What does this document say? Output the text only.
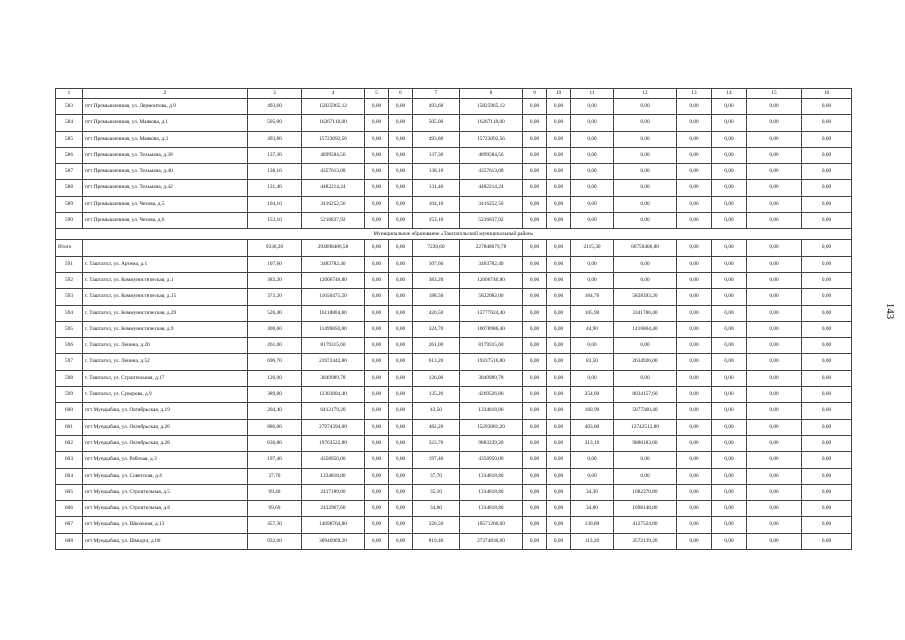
143
1	2	3	4	5	6	7	8	9	10	11	12	13	14	15	16
583	пгт Промышленная, ул. Лермонтова, д.9	493,60	15825965,12	0,00	0,00	493,60	15825965,12	0,00	0,00	0,00	0,00	0,00	0,00	0,00	0,00
584	пгт Промышленная, ул. Маякова, д.1	505,00	16267118,00	0,00	0,00	505,00	16267118,00	0,00	0,00	0,00	0,00	0,00	0,00	0,00	0,00
585	пгт Промышленная, ул. Маякова, д.3	493,80	15723092,56	0,00	0,00	493,80	15723092,56	0,00	0,00	0,00	0,00	0,00	0,00	0,00	0,00
586	пгт Промышленная, ул. Тельмана, д.38	137,30	4899584,56	0,00	0,00	137,30	4899584,56	0,00	0,00	0,00	0,00	0,00	0,00	0,00	0,00
587	пгт Промышленная, ул. Тельмана, д.40	138,10	4357613,08	0,00	0,00	138,10	4357613,08	0,00	0,00	0,00	0,00	0,00	0,00	0,00	0,00
588	пгт Промышленная, ул. Тельмана, д.42	131,40	4482214,24	0,00	0,00	131,40	4482214,24	0,00	0,00	0,00	0,00	0,00	0,00	0,00	0,00
589	пгт Промышленная, ул. Чехова, д.5	104,10	3416252,56	0,00	0,00	104,10	3416252,56	0,00	0,00	0,00	0,00	0,00	0,00	0,00	0,00
590	пгт Промышленная, ул. Чехова, д.6	153,10	5216837,92	0,00	0,00	153,10	5216837,92	0,00	0,00	0,00	0,00	0,00	0,00	0,00	0,00
Муниципальное образование «Таштагольский муниципальный район»															
Итого		9336,20	294698486,58	0,00	0,00	7220,60	227848079,78	0,00	0,00	2115,30	66750406,80	0,00	0,00	0,00	0,00
591	г. Таштагол, ул. Артема, д.1	107,60	3483782,40	0,00	0,00	107,60	3483782,40	0,00	0,00	0,00	0,00	0,00	0,00	0,00	0,00
592	г. Таштагол, ул. Коммунистическая, д.1	383,20	12006746,80	0,00	0,00	383,20	12006746,80	0,00	0,00	0,00	0,00	0,00	0,00	0,00	0,00
593	г. Таштагол, ул. Коммунистическая, д.15	373,20	11650475,20	0,00	0,00	188,50	5822082,00	0,00	0,00	184,70	5828393,20	0,00	0,00	0,00	0,00
594	г. Таштагол, ул. Коммунистическая, д.29	526,40	16118804,80	0,00	0,00	420,50	12777024,40	0,00	0,00	105,90	3341780,40	0,00	0,00	0,00	0,00
595	г. Таштагол, ул. Коммунистическая, д.9	369,60	11499850,80	0,00	0,00	324,70	10078986,40	0,00	0,00	44,90	1416864,40	0,00	0,00	0,00	0,00
596	г. Таштагол, ул. Ленина, д.20	261,00	8179315,60	0,00	0,00	261,00	8179315,60	0,00	0,00	0,00	0,00	0,00	0,00	0,00	0,00
597	г. Таштагол, ул. Ленина, д.52	696,70	21972442,80	0,00	0,00	613,20	19337516,80	0,00	0,00	83,50	2634926,00	0,00	0,00	0,00	0,00
598	г. Таштагол, ул. Строительная, д.17	126,00	3849989,78	0,00	0,00	126,00	3849989,78	0,00	0,00	0,00	0,00	0,00	0,00	0,00	0,00
599	г. Таштагол, ул. Суворова, д.9	389,80	12303684,40	0,00	0,00	135,20	4269526,80	0,00	0,00	254,60	8034157,60	0,00	0,00	0,00	0,00
600	пгт Мундыбаш, ул. Октябрьская, д.19	204,40	6412179,20	0,00	0,00	43,50	1334818,80	0,00	0,00	160,90	5077360,40	0,00	0,00	0,00	0,00
601	пгт Мундыбаш, ул. Октябрьская, д.26	886,00	27974394,00	0,00	0,00	482,20	15293081,20	0,00	0,00	403,80	12742512,80	0,00	0,00	0,00	0,00
602	пгт Мундыбаш, ул. Октябрьская, д.28	636,80	19763522,80	0,00	0,00	323,70	9883339,20	0,00	0,00	313,10	9880183,60	0,00	0,00	0,00	0,00
603	пгт Мундыбаш, ул. Рабочая, д.3	197,40	4358950,00	0,00	0,00	197,40	4358950,00	0,00	0,00	0,00	0,00	0,00	0,00	0,00	0,00
604	пгт Мундыбаш, ул. Советская, д.4	37,70	1334818,80	0,00	0,00	37,70	1334818,80	0,00	0,00	0,00	0,00	0,00	0,00	0,00	0,00
605	пгт Мундыбаш, ул. Строительная, д.5	69,40	2417189,60	0,00	0,00	35,10	1334818,80	0,00	0,00	34,30	1082370,80	0,00	0,00	0,00	0,00
606	пгт Мундыбаш, ул. Строительная, д.6	69,60	2432967,60	0,00	0,00	34,80	1334818,80	0,00	0,00	34,80	1098148,80	0,00	0,00	0,00	0,00
607	пгт Мундыбаш, ул. Школьная, д.13	457,30	14698764,80	0,00	0,00	326,50	10571260,00	0,00	0,00	130,80	4127524,80	0,00	0,00	0,00	0,00
608	пгт Мундыбаш, ул. Шмидта, д.60	932,60	30946969,20	0,00	0,00	819,40	27374830,00	0,00	0,00	113,20	3572139,20	0,00	0,00	0,00	0,00
